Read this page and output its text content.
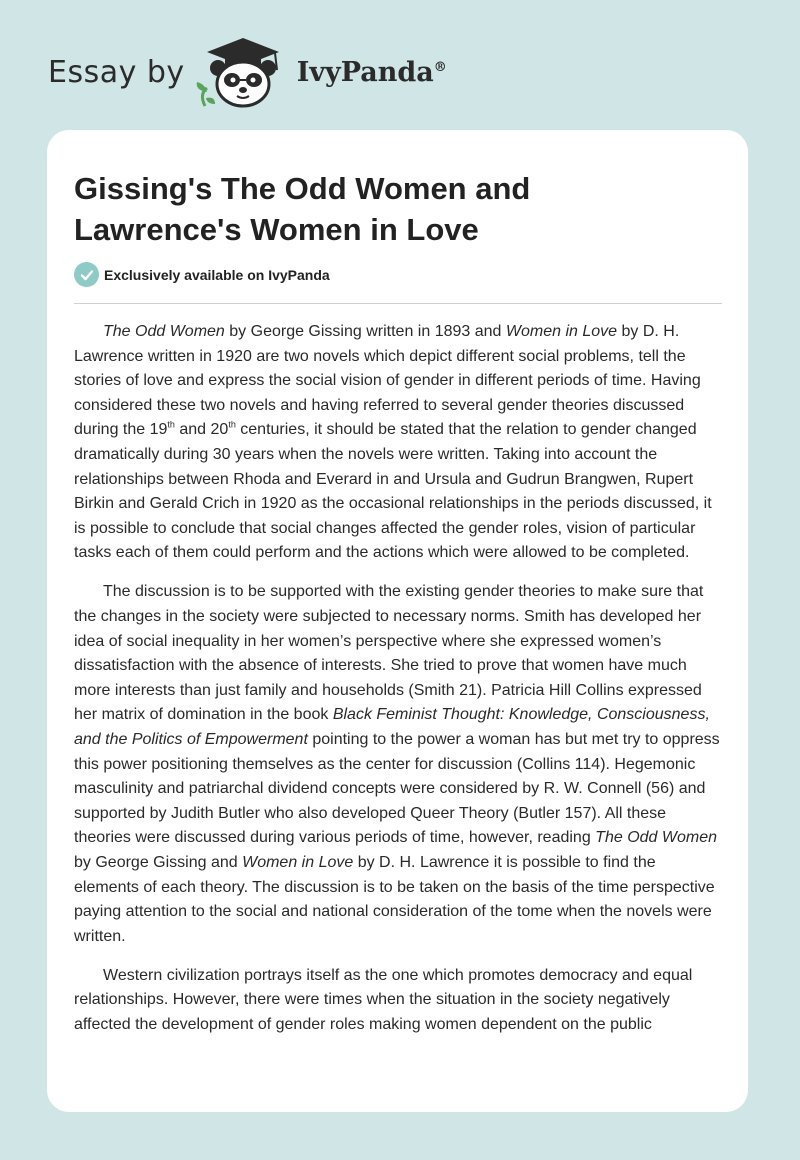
Essay by	IvyPanda®
Gissing's The Odd Women and Lawrence's Women in Love
Exclusively available on IvyPanda

The Odd Women by George Gissing written in 1893 and Women in Love by D. H. Lawrence written in 1920 are two novels which depict different social problems, tell the stories of love and express the social vision of gender in different periods of time. Having considered these two novels and having referred to several gender theories discussed during the 19th and 20th centuries, it should be stated that the relation to gender changed dramatically during 30 years when the novels were written. Taking into account the relationships between Rhoda and Everard in and Ursula and Gudrun Brangwen, Rupert Birkin and Gerald Crich in 1920 as the occasional relationships in the periods discussed, it is possible to conclude that social changes affected the gender roles, vision of particular tasks each of them could perform and the actions which were allowed to be completed.

The discussion is to be supported with the existing gender theories to make sure that the changes in the society were subjected to necessary norms. Smith has developed her idea of social inequality in her women’s perspective where she expressed women’s dissatisfaction with the absence of interests. She tried to prove that women have much more interests than just family and households (Smith 21). Patricia Hill Collins expressed her matrix of domination in the book Black Feminist Thought: Knowledge, Consciousness, and the Politics of Empowerment pointing to the power a woman has but met try to oppress this power positioning themselves as the center for discussion (Collins 114). Hegemonic masculinity and patriarchal dividend concepts were considered by R. W. Connell (56) and supported by Judith Butler who also developed Queer Theory (Butler 157). All these theories were discussed during various periods of time, however, reading The Odd Women by George Gissing and Women in Love by D. H. Lawrence it is possible to find the elements of each theory. The discussion is to be taken on the basis of the time perspective paying attention to the social and national consideration of the tome when the novels were written.

Western civilization portrays itself as the one which promotes democracy and equal relationships. However, there were times when the situation in the society negatively affected the development of gender roles making women dependent on the public
